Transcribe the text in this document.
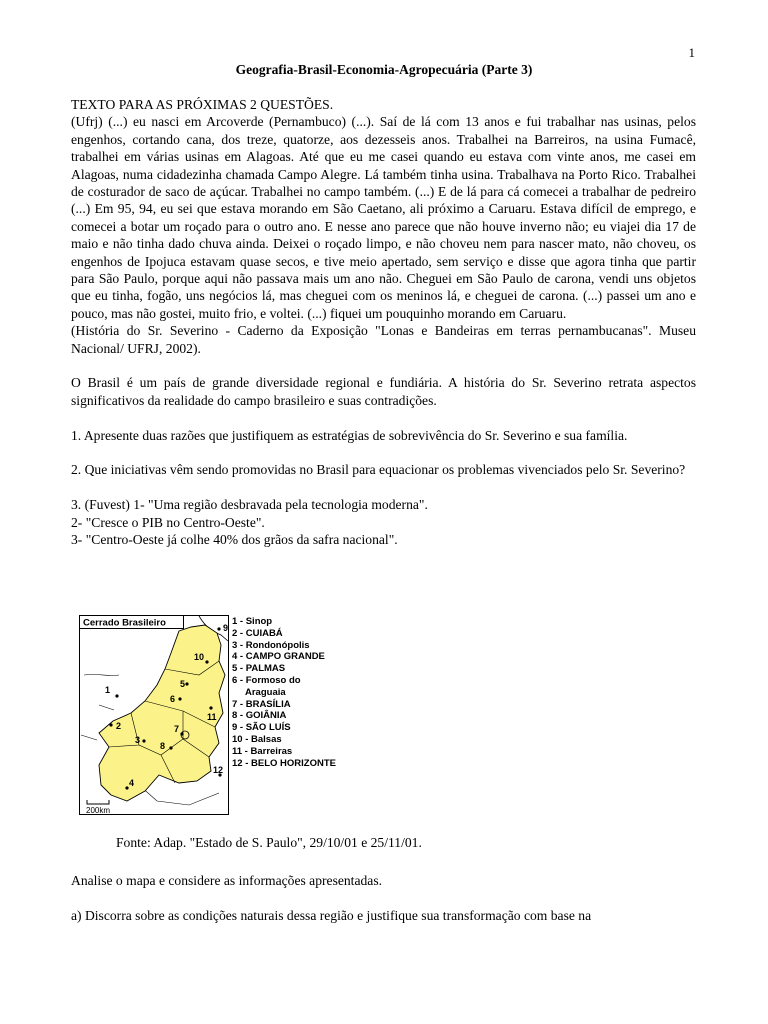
1
Geografia-Brasil-Economia-Agropecuária (Parte 3)

TEXTO PARA AS PRÓXIMAS 2 QUESTÕES.

(Ufrj) (...) eu nasci em Arcoverde (Pernambuco) (...). Saí de lá com 13 anos e fui trabalhar nas usinas, pelos engenhos, cortando cana, dos treze, quatorze, aos dezesseis anos. Trabalhei na Barreiros, na usina Fumacê, trabalhei em várias usinas em Alagoas. Até que eu me casei quando eu estava com vinte anos, me casei em Alagoas, numa cidadezinha chamada Campo Alegre. Lá também tinha usina. Trabalhava na Porto Rico. Trabalhei de costurador de saco de açúcar. Trabalhei no campo também. (...) E de lá para cá comecei a trabalhar de pedreiro (...) Em 95, 94, eu sei que estava morando em São Caetano, ali próximo a Caruaru. Estava difícil de emprego, e comecei a botar um roçado para o outro ano. E nesse ano parece que não houve inverno não; eu viajei dia 17 de maio e não tinha dado chuva ainda. Deixei o roçado limpo, e não choveu nem para nascer mato, não choveu, os engenhos de Ipojuca estavam quase secos, e tive meio apertado, sem serviço e disse que agora tinha que partir para São Paulo, porque aqui não passava mais um ano não. Cheguei em São Paulo de carona, vendi uns objetos que eu tinha, fogão, uns negócios lá, mas cheguei com os meninos lá, e cheguei de carona. (...) passei um ano e pouco, mas não gostei, muito frio, e voltei. (...) fiquei um pouquinho morando em Caruaru.

(História do Sr. Severino - Caderno da Exposição "Lonas e Bandeiras em terras pernambucanas". Museu Nacional/ UFRJ, 2002).

O Brasil é um país de grande diversidade regional e fundiária. A história do Sr. Severino retrata aspectos significativos da realidade do campo brasileiro e suas contradições.

1. Apresente duas razões que justifiquem as estratégias de sobrevivência do Sr. Severino e sua família.

2. Que iniciativas vêm sendo promovidas no Brasil para equacionar os problemas vivenciados pelo Sr. Severino?

3. (Fuvest) 1- "Uma região desbravada pela tecnologia moderna".

2- "Cresce o PIB no Centro-Oeste".

3- "Centro-Oeste já colhe 40% dos grãos da safra nacional".

Cerrado Brasileiro
1
2
3
4
5
6
7
8
9
10
11
12
200km
1 - Sinop
2 - CUIABÁ
3 - Rondonópolis
4 - CAMPO GRANDE
5 - PALMAS
6 - Formoso do
Araguaia
7 - BRASÍLIA
8 - GOIÂNIA
9 - SÃO LUÍS
10 - Balsas
11 - Barreiras
12 - BELO HORIZONTE
Fonte: Adap. "Estado de S. Paulo", 29/10/01 e 25/11/01.

Analise o mapa e considere as informações apresentadas.

a) Discorra sobre as condições naturais dessa região e justifique sua transformação com base na
